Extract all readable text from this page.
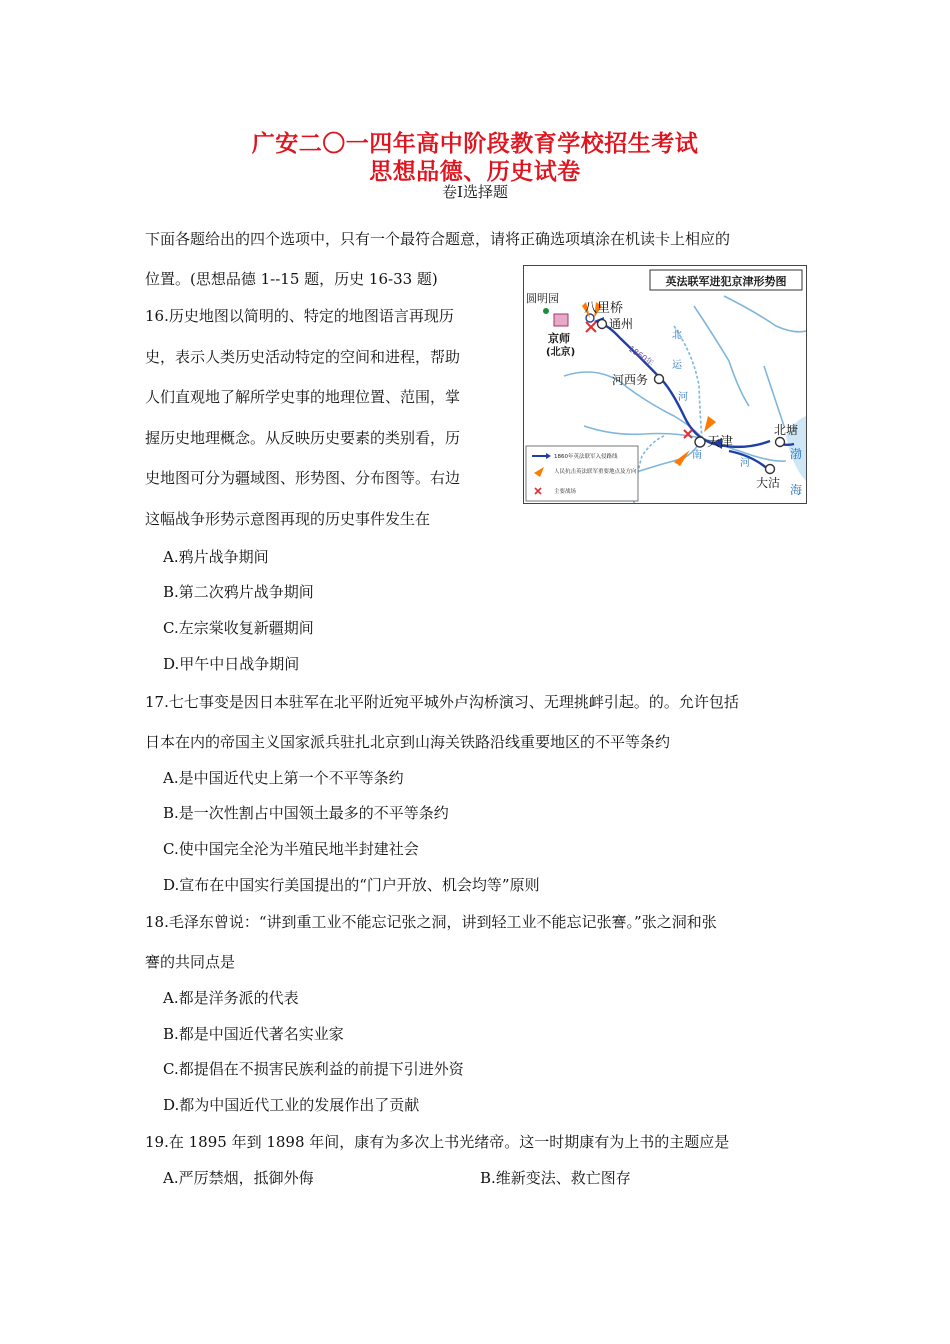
广安二〇一四年高中阶段教育学校招生考试
思想品德、历史试卷
卷Ⅰ选择题
下面各题给出的四个选项中，只有一个最符合题意，请将正确选项填涂在机读卡上相应的
位置。(思想品德 1--15 题，历史 16-33 题)
16.历史地图以简明的、特定的地图语言再现历
史，表示人类历史活动特定的空间和进程，帮助
人们直观地了解所学史事的地理位置、范围，掌
握历史地理概念。从反映历史要素的类别看，历
史地图可分为疆域图、形势图、分布图等。右边
这幅战争形势示意图再现的历史事件发生在
A.鸦片战争期间
B.第二次鸦片战争期间
C.左宗棠收复新疆期间
D.甲午中日战争期间
17.七七事变是因日本驻军在北平附近宛平城外卢沟桥演习、无理挑衅引起。的。允许包括
日本在内的帝国主义国家派兵驻扎北京到山海关铁路沿线重要地区的不平等条约
A.是中国近代史上第一个不平等条约
B.是一次性割占中国领土最多的不平等条约
C.使中国完全沦为半殖民地半封建社会
D.宣布在中国实行美国提出的“门户开放、机会均等”原则
18.毛泽东曾说：“讲到重工业不能忘记张之洞，讲到轻工业不能忘记张謇。”张之洞和张
謇的共同点是
A.都是洋务派的代表
B.都是中国近代著名实业家
C.都提倡在不损害民族利益的前提下引进外资
D.都为中国近代工业的发展作出了贡献
19.在 1895 年到 1898 年间，康有为多次上书光绪帝。这一时期康有为上书的主题应是
A.严厉禁烟，抵御外侮	B.维新变法、救亡图存
英法联军进犯京津形势图
圆明园
八里桥
通州
京师
(北京)
河西务
天津
北塘
大沽
1860年
北
运
河
南
河
渤
海
1860年英法联军入侵路线
人民抗击英法联军重要地点及方向
主要战场
